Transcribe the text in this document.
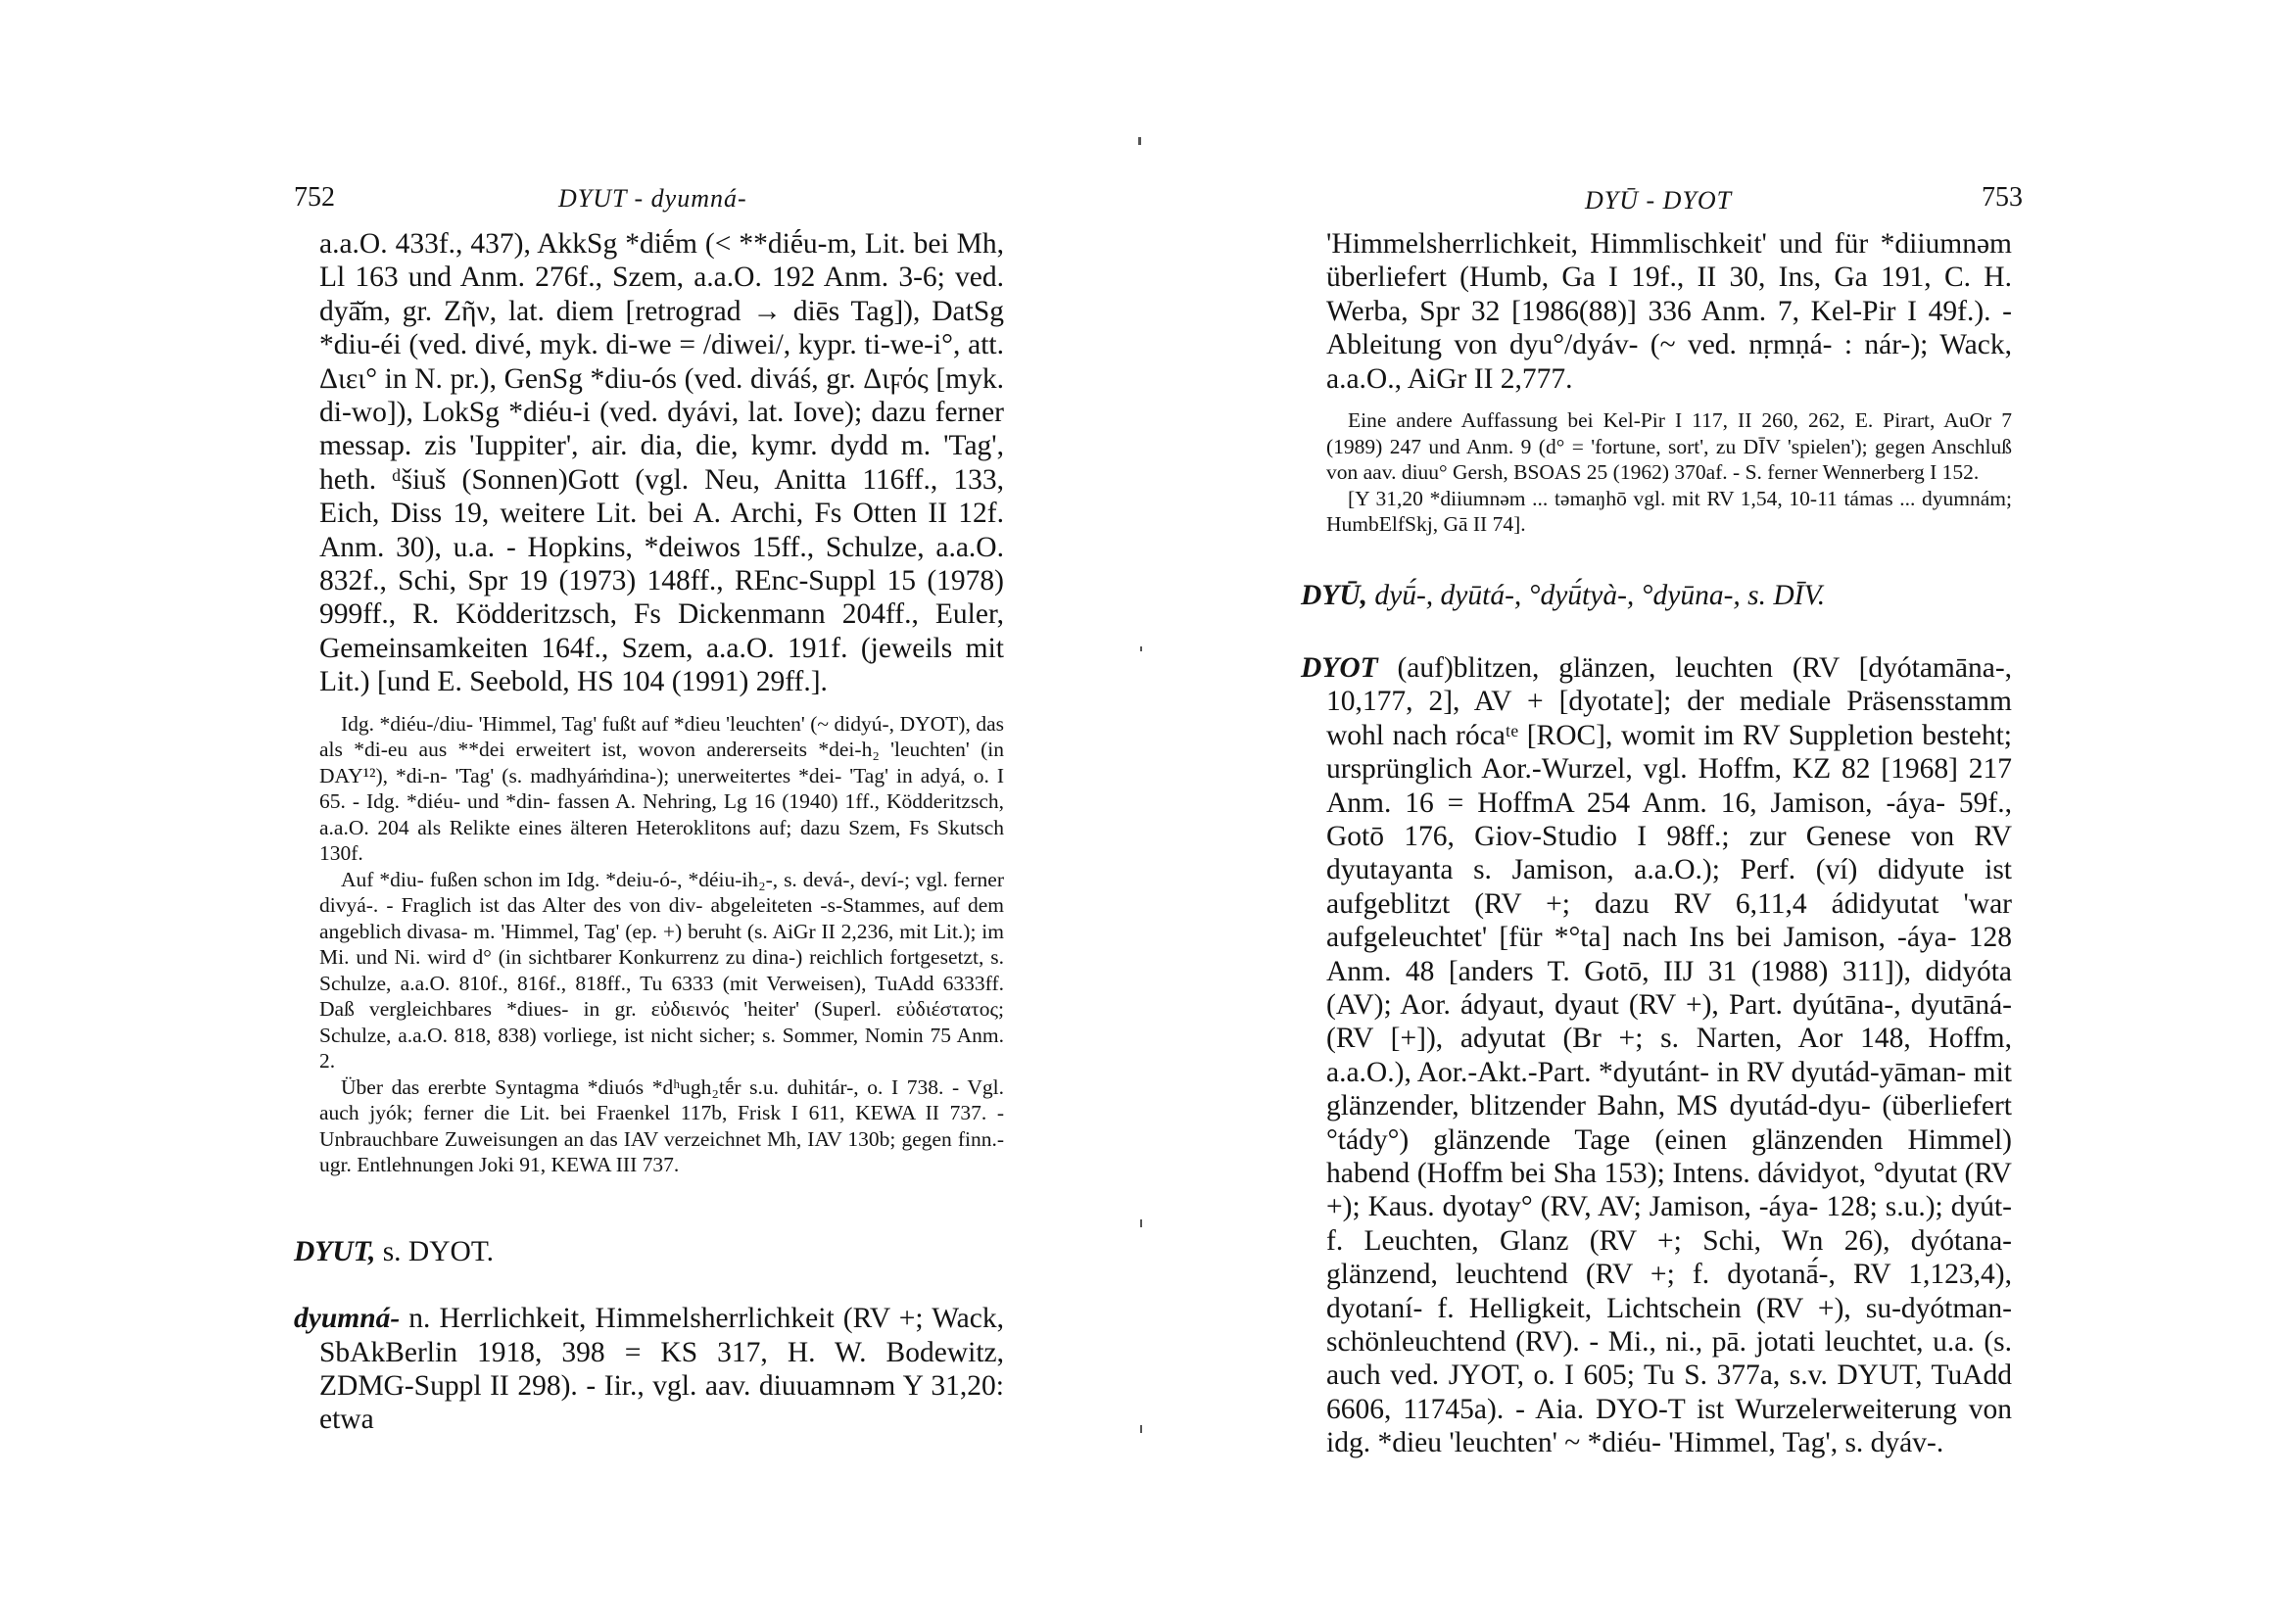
752	DYUT - dyumná-

a.a.O. 433f., 437), AkkSg *diḗm (< **diḗu-m, Lit. bei Mh, Ll 163 und Anm. 276f., Szem, a.a.O. 192 Anm. 3-6; ved. dyā̆m, gr. Ζῆν, lat. diem [retrograd → diēs Tag]), DatSg *diu-éi (ved. divé, myk. di-we = /diwei/, kypr. ti-we-i°, att. Διει° in N. pr.), GenSg *diu-ós (ved. diváś, gr. Διϝός [myk. di-wo]), LokSg *diéu-i (ved. dyávi, lat. Iove); dazu ferner messap. zis 'Iuppiter', air. dia, die, kymr. dydd m. 'Tag', heth. ᵈšiuš (Sonnen)Gott (vgl. Neu, Anitta 116ff., 133, Eich, Diss 19, weitere Lit. bei A. Archi, Fs Otten II 12f. Anm. 30), u.a. - Hopkins, *deiwos 15ff., Schulze, a.a.O. 832f., Schi, Spr 19 (1973) 148ff., REnc-Suppl 15 (1978) 999ff., R. Ködderitzsch, Fs Dickenmann 204ff., Euler, Gemeinsamkeiten 164f., Szem, a.a.O. 191f. (jeweils mit Lit.) [und E. Seebold, HS 104 (1991) 29ff.].

Idg. *diéu-/diu- 'Himmel, Tag' fußt auf *dieu 'leuchten' (~ didyú-, DYOT), das als *di-eu aus **dei erweitert ist, wovon andererseits *dei-h₂ 'leuchten' (in DAY¹²), *di-n- 'Tag' (s. madhyáṁdina-); unerweitertes *dei- 'Tag' in adyá, o. I 65. - Idg. *diéu- und *din- fassen A. Nehring, Lg 16 (1940) 1ff., Ködderitzsch, a.a.O. 204 als Relikte eines älteren Heteroklitons auf; dazu Szem, Fs Skutsch 130f.

Auf *diu- fußen schon im Idg. *deiu-ó-, *déiu-ih₂-, s. devá-, deví-; vgl. ferner divyá-. - Fraglich ist das Alter des von div- abgeleiteten -s-Stammes, auf dem angeblich divasa- m. 'Himmel, Tag' (ep. +) beruht (s. AiGr II 2,236, mit Lit.); im Mi. und Ni. wird d° (in sichtbarer Konkurrenz zu dina-) reichlich fortgesetzt, s. Schulze, a.a.O. 810f., 816f., 818ff., Tu 6333 (mit Verweisen), TuAdd 6333ff. Daß vergleichbares *diues- in gr. εὐδιεινός 'heiter' (Superl. εὐδιέστατος; Schulze, a.a.O. 818, 838) vorliege, ist nicht sicher; s. Sommer, Nomin 75 Anm. 2.

Über das ererbte Syntagma *diuós *dʰugh₂tḗr s.u. duhitár-, o. I 738. - Vgl. auch jyók; ferner die Lit. bei Fraenkel 117b, Frisk I 611, KEWA II 737. - Unbrauchbare Zuweisungen an das IAV verzeichnet Mh, IAV 130b; gegen finn.-ugr. Entlehnungen Joki 91, KEWA III 737.

DYUT, s. DYOT.

dyumná- n. Herrlichkeit, Himmelsherrlichkeit (RV +; Wack, SbAkBerlin 1918, 398 = KS 317, H. W. Bodewitz, ZDMG-Suppl II 298). - Iir., vgl. aav. diuuamnəm Y 31,20: etwa

DYŪ - DYOT	753

'Himmelsherrlichkeit, Himmlischkeit' und für *diiumnəm überliefert (Humb, Ga I 19f., II 30, Ins, Ga 191, C. H. Werba, Spr 32 [1986(88)] 336 Anm. 7, Kel-Pir I 49f.). - Ableitung von dyu°/dyáv- (~ ved. nṛmṇá- : nár-); Wack, a.a.O., AiGr II 2,777.

Eine andere Auffassung bei Kel-Pir I 117, II 260, 262, E. Pirart, AuOr 7 (1989) 247 und Anm. 9 (d° = 'fortune, sort', zu DĪV 'spielen'); gegen Anschluß von aav. diuu° Gersh, BSOAS 25 (1962) 370af. - S. ferner Wennerberg I 152.

[Y 31,20 *diiumnəm ... təmaŋhō vgl. mit RV 1,54, 10-11 támas ... dyumnám; HumbElfSkj, Gā II 74].

DYŪ, dyū́-, dyūtá-, °dyū́tyà-, °dyūna-, s. DĪV.

DYOT (auf)blitzen, glänzen, leuchten (RV [dyótamāna-, 10,177, 2], AV + [dyotate]; der mediale Präsensstamm wohl nach rócaᵗᵉ [ROC], womit im RV Suppletion besteht; ursprünglich Aor.-Wurzel, vgl. Hoffm, KZ 82 [1968] 217 Anm. 16 = HoffmA 254 Anm. 16, Jamison, -áya- 59f., Gotō 176, Giov-Studio I 98ff.; zur Genese von RV dyutayanta s. Jamison, a.a.O.); Perf. (ví) didyute ist aufgeblitzt (RV +; dazu RV 6,11,4 ádidyutat 'war aufgeleuchtet' [für *°ta] nach Ins bei Jamison, -áya- 128 Anm. 48 [anders T. Gotō, IIJ 31 (1988) 311]), didyóta (AV); Aor. ádyaut, dyaut (RV +), Part. dyútāna-, dyutāná- (RV [+]), adyutat (Br +; s. Narten, Aor 148, Hoffm, a.a.O.), Aor.-Akt.-Part. *dyutánt- in RV dyutád-yāman- mit glänzender, blitzender Bahn, MS dyutád-dyu- (überliefert °tády°) glänzende Tage (einen glänzenden Himmel) habend (Hoffm bei Sha 153); Intens. dávidyot, °dyutat (RV +); Kaus. dyotay° (RV, AV; Jamison, -áya- 128; s.u.); dyút- f. Leuchten, Glanz (RV +; Schi, Wn 26), dyótana- glänzend, leuchtend (RV +; f. dyotanā́-, RV 1,123,4), dyotaní- f. Helligkeit, Lichtschein (RV +), su-dyótman- schönleuchtend (RV). - Mi., ni., pā. jotati leuchtet, u.a. (s. auch ved. JYOT, o. I 605; Tu S. 377a, s.v. DYUT, TuAdd 6606, 11745a). - Aia. DYO-T ist Wurzelerweiterung von idg. *dieu 'leuchten' ~ *diéu- 'Himmel, Tag', s. dyáv-.
